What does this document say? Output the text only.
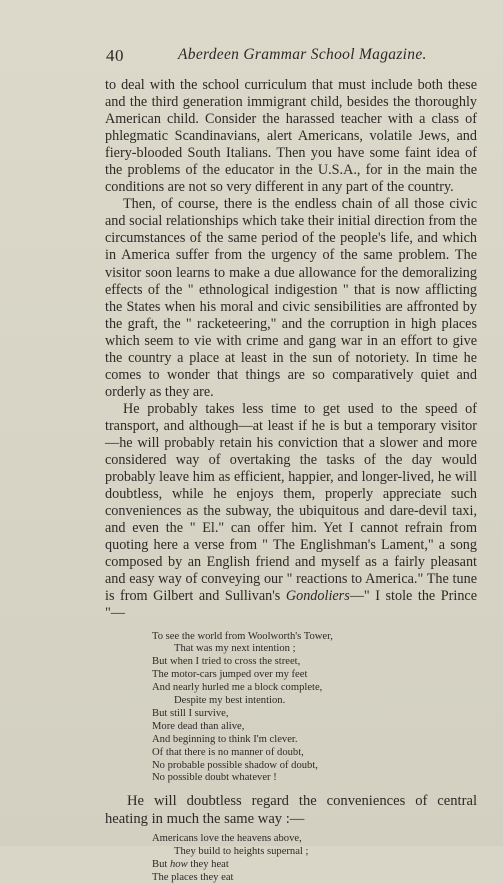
40	Aberdeen Grammar School Magazine.

to deal with the school curriculum that must include both these and the third generation immigrant child, besides the thoroughly American child. Consider the harassed teacher with a class of phlegmatic Scandinavians, alert Americans, volatile Jews, and fiery-blooded South Italians. Then you have some faint idea of the problems of the educator in the U.S.A., for in the main the conditions are not so very different in any part of the country.

Then, of course, there is the endless chain of all those civic and social relationships which take their initial direction from the circumstances of the same period of the people's life, and which in America suffer from the urgency of the same problem. The visitor soon learns to make a due allowance for the demoralizing effects of the " ethnological indigestion " that is now afflicting the States when his moral and civic sensibilities are affronted by the graft, the " racketeering," and the corruption in high places which seem to vie with crime and gang war in an effort to give the country a place at least in the sun of notoriety. In time he comes to wonder that things are so comparatively quiet and orderly as they are.

He probably takes less time to get used to the speed of transport, and although—at least if he is but a temporary visitor—he will probably retain his conviction that a slower and more considered way of overtaking the tasks of the day would probably leave him as efficient, happier, and longer-lived, he will doubtless, while he enjoys them, properly appreciate such conveniences as the subway, the ubiquitous and dare-devil taxi, and even the " El." can offer him. Yet I cannot refrain from quoting here a verse from " The Englishman's Lament," a song composed by an English friend and myself as a fairly pleasant and easy way of conveying our " reactions to America." The tune is from Gilbert and Sullivan's Gondoliers—" I stole the Prince "—

To see the world from Woolworth's Tower,
That was my next intention ;
But when I tried to cross the street,
The motor-cars jumped over my feet
And nearly hurled me a block complete,
Despite my best intention.
But still I survive,
More dead than alive,
And beginning to think I'm clever.
Of that there is no manner of doubt,
No probable possible shadow of doubt,
No possible doubt whatever !

He will doubtless regard the conveniences of central heating in much the same way :—

Americans love the heavens above,
They build to heights supernal ;
But how they heat
The places they eat
